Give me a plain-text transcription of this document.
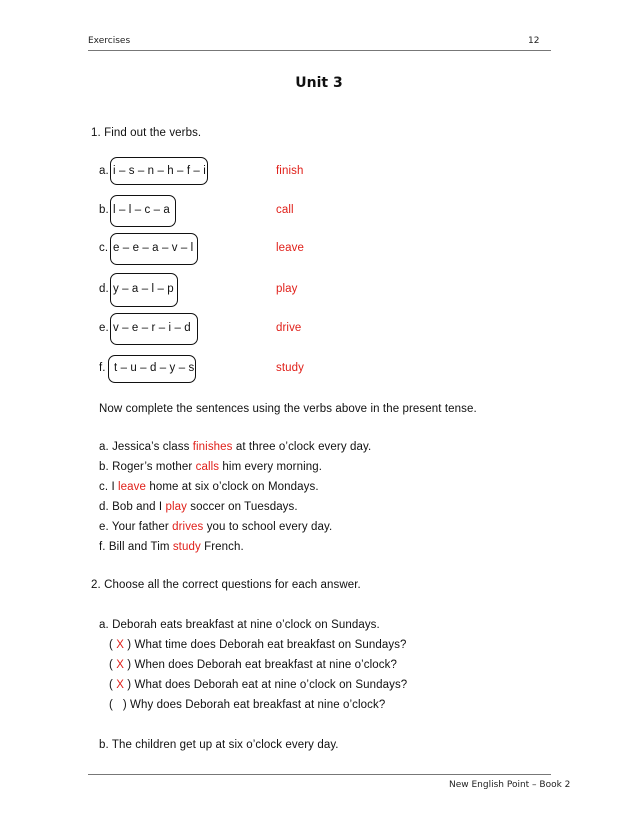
Exercises	12
Unit 3
1. Find out the verbs.
a. i – s – n – h – f – i	finish
b. l – l – c – a	call
c. e – e – a – v – l	leave
d. y – a – l – p	play
e. v – e – r – i – d	drive
f. t – u – d – y – s	study
Now complete the sentences using the verbs above in the present tense.
a. Jessica’s class finishes at three o’clock every day.
b. Roger’s mother calls him every morning.
c. I leave home at six o’clock on Mondays.
d. Bob and I play soccer on Tuesdays.
e. Your father drives you to school every day.
f. Bill and Tim study French.
2. Choose all the correct questions for each answer.
a. Deborah eats breakfast at nine o’clock on Sundays.
( X ) What time does Deborah eat breakfast on Sundays?
( X ) When does Deborah eat breakfast at nine o’clock?
( X ) What does Deborah eat at nine o’clock on Sundays?
(   ) Why does Deborah eat breakfast at nine o’clock?
b. The children get up at six o’clock every day.
New English Point – Book 2
